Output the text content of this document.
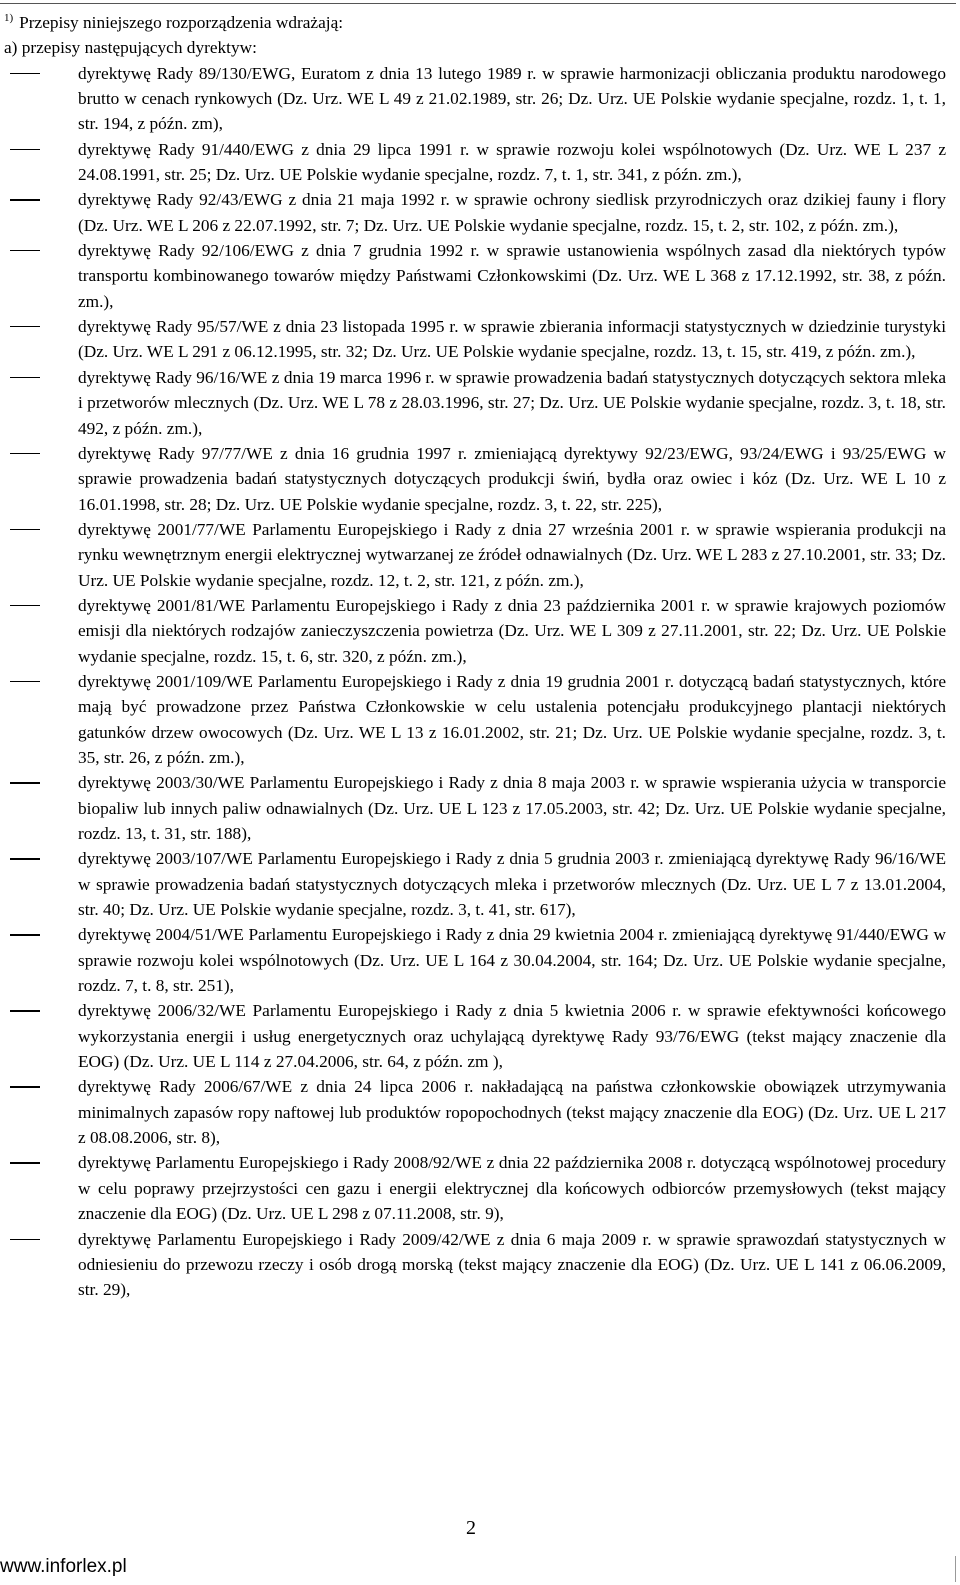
$^{1)}$ Przepisy niniejszego rozporządzenia wdrażają:
a) przepisy następujących dyrektyw:
dyrektywę Rady 89/130/EWG, Euratom z dnia 13 lutego 1989 r. w sprawie harmonizacji obliczania produktu narodowego brutto w cenach rynkowych (Dz. Urz. WE L 49 z 21.02.1989, str. 26; Dz. Urz. UE Polskie wydanie specjalne, rozdz. 1, t. 1, str. 194, z późn. zm),
dyrektywę Rady 91/440/EWG z dnia 29 lipca 1991 r. w sprawie rozwoju kolei wspólnotowych (Dz. Urz. WE L 237 z 24.08.1991, str. 25; Dz. Urz. UE Polskie wydanie specjalne, rozdz. 7, t. 1, str. 341, z późn. zm.),
dyrektywę Rady 92/43/EWG z dnia 21 maja 1992 r. w sprawie ochrony siedlisk przyrodniczych oraz dzikiej fauny i flory (Dz. Urz. WE L 206 z 22.07.1992, str. 7; Dz. Urz. UE Polskie wydanie specjalne, rozdz. 15, t. 2, str. 102, z późn. zm.),
dyrektywę Rady 92/106/EWG z dnia 7 grudnia 1992 r. w sprawie ustanowienia wspólnych zasad dla niektórych typów transportu kombinowanego towarów między Państwami Członkowskimi (Dz. Urz. WE L 368 z 17.12.1992, str. 38, z późn. zm.),
dyrektywę Rady 95/57/WE z dnia 23 listopada 1995 r. w sprawie zbierania informacji statystycznych w dziedzinie turystyki (Dz. Urz. WE L 291 z 06.12.1995, str. 32; Dz. Urz. UE Polskie wydanie specjalne, rozdz. 13, t. 15, str. 419, z późn. zm.),
dyrektywę Rady 96/16/WE z dnia 19 marca 1996 r. w sprawie prowadzenia badań statystycznych dotyczących sektora mleka i przetworów mlecznych (Dz. Urz. WE L 78 z 28.03.1996, str. 27; Dz. Urz. UE Polskie wydanie specjalne, rozdz. 3, t. 18, str. 492, z późn. zm.),
dyrektywę Rady 97/77/WE z dnia 16 grudnia 1997 r. zmieniającą dyrektywy 92/23/EWG, 93/24/EWG i 93/25/EWG w sprawie prowadzenia badań statystycznych dotyczących produkcji świń, bydła oraz owiec i kóz (Dz. Urz. WE L 10 z 16.01.1998, str. 28; Dz. Urz. UE Polskie wydanie specjalne, rozdz. 3, t. 22, str. 225),
dyrektywę 2001/77/WE Parlamentu Europejskiego i Rady z dnia 27 września 2001 r. w sprawie wspierania produkcji na rynku wewnętrznym energii elektrycznej wytwarzanej ze źródeł odnawialnych (Dz. Urz. WE L 283 z 27.10.2001, str. 33; Dz. Urz. UE Polskie wydanie specjalne, rozdz. 12, t. 2, str. 121, z późn. zm.),
dyrektywę 2001/81/WE Parlamentu Europejskiego i Rady z dnia 23 października 2001 r. w sprawie krajowych poziomów emisji dla niektórych rodzajów zanieczyszczenia powietrza (Dz. Urz. WE L 309 z 27.11.2001, str. 22; Dz. Urz. UE Polskie wydanie specjalne, rozdz. 15, t. 6, str. 320, z późn. zm.),
dyrektywę 2001/109/WE Parlamentu Europejskiego i Rady z dnia 19 grudnia 2001 r. dotyczącą badań statystycznych, które mają być prowadzone przez Państwa Członkowskie w celu ustalenia potencjału produkcyjnego plantacji niektórych gatunków drzew owocowych (Dz. Urz. WE L 13 z 16.01.2002, str. 21; Dz. Urz. UE Polskie wydanie specjalne, rozdz. 3, t. 35, str. 26, z późn. zm.),
dyrektywę 2003/30/WE Parlamentu Europejskiego i Rady z dnia 8 maja 2003 r. w sprawie wspierania użycia w transporcie biopaliw lub innych paliw odnawialnych (Dz. Urz. UE L 123 z 17.05.2003, str. 42; Dz. Urz. UE Polskie wydanie specjalne, rozdz. 13, t. 31, str. 188),
dyrektywę 2003/107/WE Parlamentu Europejskiego i Rady z dnia 5 grudnia 2003 r. zmieniającą dyrektywę Rady 96/16/WE w sprawie prowadzenia badań statystycznych dotyczących mleka i przetworów mlecznych (Dz. Urz. UE L 7 z 13.01.2004, str. 40; Dz. Urz. UE Polskie wydanie specjalne, rozdz. 3, t. 41, str. 617),
dyrektywę 2004/51/WE Parlamentu Europejskiego i Rady z dnia 29 kwietnia 2004 r. zmieniającą dyrektywę 91/440/EWG w sprawie rozwoju kolei wspólnotowych (Dz. Urz. UE L 164 z 30.04.2004, str. 164; Dz. Urz. UE Polskie wydanie specjalne, rozdz. 7, t. 8, str. 251),
dyrektywę 2006/32/WE Parlamentu Europejskiego i Rady z dnia 5 kwietnia 2006 r. w sprawie efektywności końcowego wykorzystania energii i usług energetycznych oraz uchylającą dyrektywę Rady 93/76/EWG (tekst mający znaczenie dla EOG) (Dz. Urz. UE L 114 z 27.04.2006, str. 64, z późn. zm ),
dyrektywę Rady 2006/67/WE z dnia 24 lipca 2006 r. nakładającą na państwa członkowskie obowiązek utrzymywania minimalnych zapasów ropy naftowej lub produktów ropopochodnych (tekst mający znaczenie dla EOG) (Dz. Urz. UE L 217 z 08.08.2006, str. 8),
dyrektywę Parlamentu Europejskiego i Rady 2008/92/WE z dnia 22 października 2008 r. dotyczącą wspólnotowej procedury w celu poprawy przejrzystości cen gazu i energii elektrycznej dla końcowych odbiorców przemysłowych (tekst mający znaczenie dla EOG) (Dz. Urz. UE L 298 z 07.11.2008, str. 9),
dyrektywę Parlamentu Europejskiego i Rady 2009/42/WE z dnia 6 maja 2009 r. w sprawie sprawozdań statystycznych w odniesieniu do przewozu rzeczy i osób drogą morską (tekst mający znaczenie dla EOG) (Dz. Urz. UE L 141 z 06.06.2009, str. 29),
2
www.inforlex.pl
